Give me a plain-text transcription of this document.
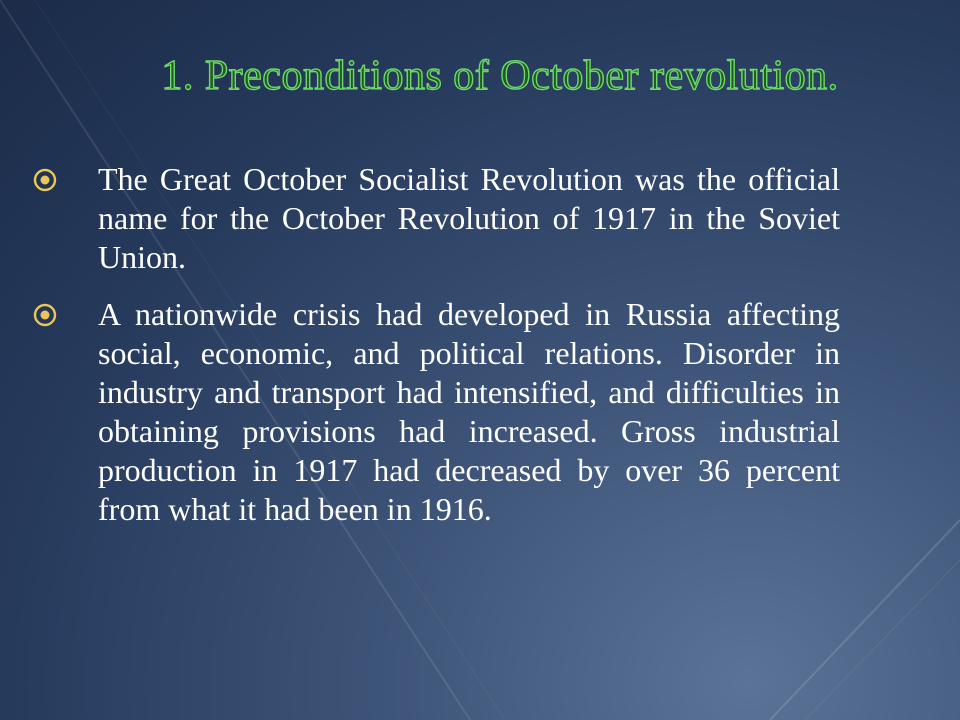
1. Preconditions of October revolution.
The Great October Socialist Revolution was the official name for the October Revolution of 1917 in the Soviet Union.
A nationwide crisis had developed in Russia affecting social, economic, and political relations. Disorder in industry and transport had intensified, and difficulties in obtaining provisions had increased. Gross industrial production in 1917 had decreased by over 36 percent from what it had been in 1916.
